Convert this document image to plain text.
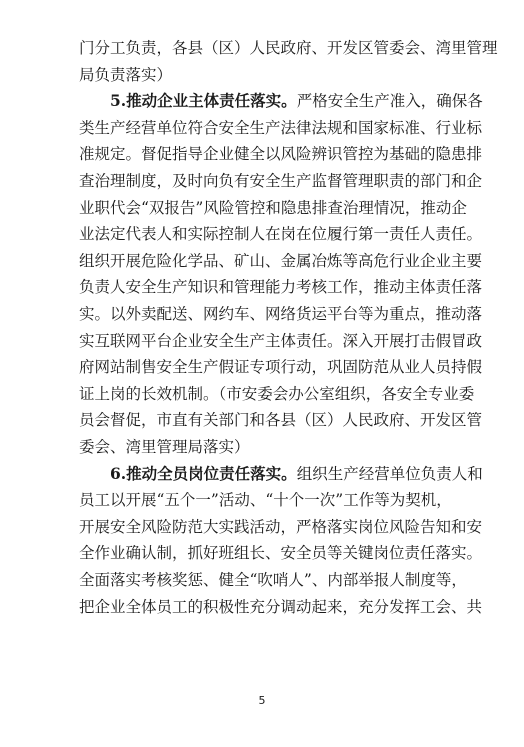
门分工负责，各县（区）人民政府、开发区管委会、湾里管理
局负责落实）
5.推动企业主体责任落实。严格安全生产准入，确保各
类生产经营单位符合安全生产法律法规和国家标准、行业标
准规定。督促指导企业健全以风险辨识管控为基础的隐患排
查治理制度，及时向负有安全生产监督管理职责的部门和企
业职代会“双报告”风险管控和隐患排查治理情况，推动企
业法定代表人和实际控制人在岗在位履行第一责任人责任。
组织开展危险化学品、矿山、金属冶炼等高危行业企业主要
负责人安全生产知识和管理能力考核工作，推动主体责任落
实。以外卖配送、网约车、网络货运平台等为重点，推动落
实互联网平台企业安全生产主体责任。深入开展打击假冒政
府网站制售安全生产假证专项行动，巩固防范从业人员持假
证上岗的长效机制。（市安委会办公室组织，各安全专业委
员会督促，市直有关部门和各县（区）人民政府、开发区管
委会、湾里管理局落实）
6.推动全员岗位责任落实。组织生产经营单位负责人和
员工以开展“五个一”活动、“十个一次”工作等为契机，
开展安全风险防范大实践活动，严格落实岗位风险告知和安
全作业确认制，抓好班组长、安全员等关键岗位责任落实。
全面落实考核奖惩、健全“吹哨人”、内部举报人制度等，
把企业全体员工的积极性充分调动起来，充分发挥工会、共
5
